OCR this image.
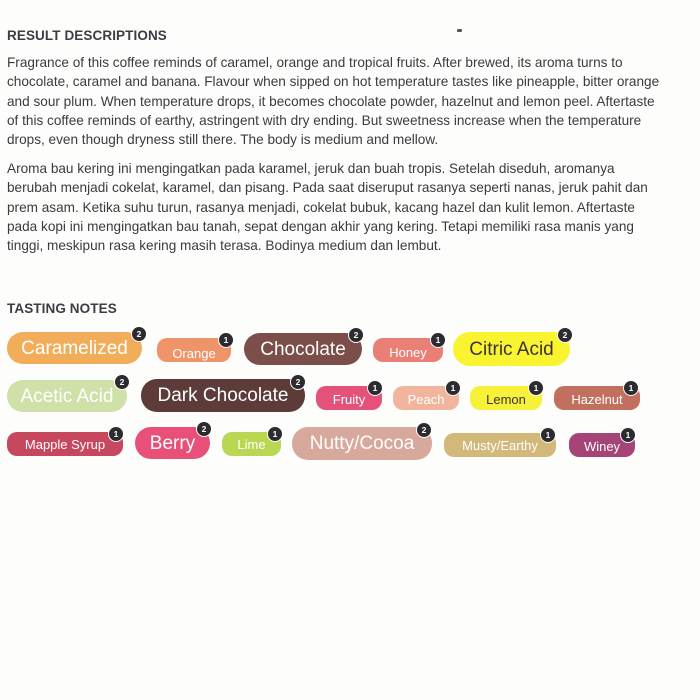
RESULT DESCRIPTIONS

Fragrance of this coffee reminds of caramel, orange and tropical fruits. After brewed, its aroma turns to
chocolate, caramel and banana. Flavour when sipped on hot temperature tastes like pineapple, bitter orange
and sour plum. When temperature drops, it becomes chocolate powder, hazelnut and lemon peel. Aftertaste
of this coffee reminds of earthy, astringent with dry ending. But sweetness increase when the temperature
drops, even though dryness still there. The body is medium and mellow.

Aroma bau kering ini mengingatkan pada karamel, jeruk dan buah tropis. Setelah diseduh, aromanya
berubah menjadi cokelat, karamel, dan pisang. Pada saat diseruput rasanya seperti nanas, jeruk pahit dan
prem asam. Ketika suhu turun, rasanya menjadi, cokelat bubuk, kacang hazel dan kulit lemon. Aftertaste
pada kopi ini mengingatkan bau tanah, sepat dengan akhir yang kering. Tetapi memiliki rasa manis yang
tinggi, meskipun rasa kering masih terasa. Bodinya medium dan lembut.

TASTING NOTES
Caramelized
2
Orange
1 Chocolate
2
Honey
1 Citric Acid
2
Acetic Acid
2
Dark Chocolate
2
Fruity
1
Peach
1
Lemon
1
Hazelnut
1
Mapple Syrup
1 Berry
2
Lime
1 Nutty/Cocoa
2
Musty/Earthy
1
Winey
1
